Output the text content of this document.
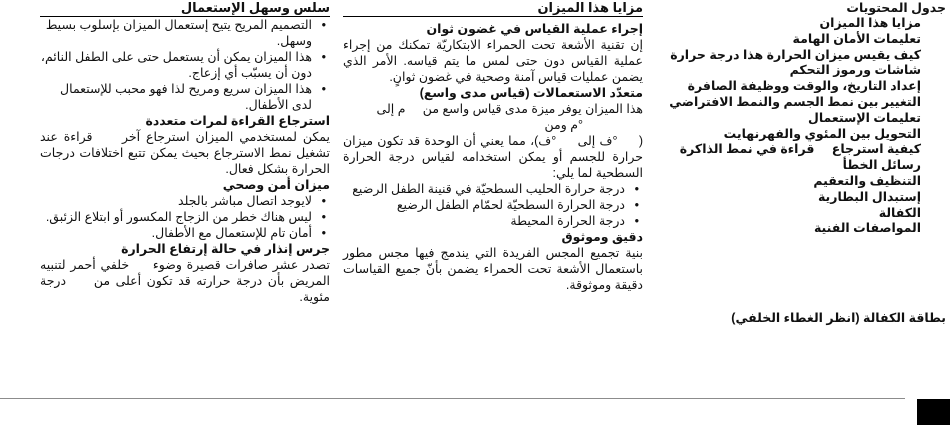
جدول المحتويات

مزايا هذا الميزان
تعليمات الأمان الهامة
كيف يقيس ميزان الحرارة هذا درجة حرارة
شاشات ورموز التحكم
إعداد التاريخ، والوقت ووظيفة الصافرة
التغيير بين نمط الجسم والنمط الافتراضي
تعليمات الإستعمال
التحويل بين المئوي والفهرنهايت
كيفية استرجاع     قراءة في نمط الذاكرة
رسائل الخطأ
التنظيف والتعقيم
إستبدال البطارية
الكفالة
المواصفات الفنية

بطاقة الكفالة (انظر الغطاء الخلفي)

مزايا هذا الميزان

إجراء عملية القياس في غضون ثوان

إن تقنية الأشعة تحت الحمراء الابتكاريّة تمكنك من إجراء عملية القياس دون حتى لمس ما يتم قياسه. الأمر الذي يضمن عمليات قياس آمنة وصحية في غضون ثوانٍ.

متعدّد الاستعمالات (قياس مدى واسع)

هذا الميزان يوفر ميزة مدى قياس واسع من     م إلى

°م ومن

(     °ف إلى     °ف)، مما يعني أن الوحدة قد تكون ميزان حرارة للجسم أو يمكن استخدامه لقياس درجة الحرارة السطحية لما يلي:

• درجة حرارة الحليب السطحيّة في قنينة الطفل الرضيع
• درجة الحرارة السطحيّة لحمّام الطفل الرضيع
• درجة الحرارة المحيطة

دقيق وموثوق

بنية تجميع المجس الفريدة التي يندمج فيها مجس مطور باستعمال الأشعة تحت الحمراء يضمن بأنّ جميع القياسات دقيقة وموثوقة.

سلس وسهل الإستعمال

• التصميم المريح يتيح إستعمال الميزان بإسلوب بسيط وسهل.
• هذا الميزان يمكن أن يستعمل حتى على الطفل النائم، دون أن يسبّب أي إزعاج.
• هذا الميزان سريع ومريح لذا فهو محبب للإستعمال لدى الأطفال.

استرجاع القراءة لمرات متعددة

يمكن لمستخدمي الميزان استرجاع آخر     قراءة عند تشغيل نمط الاسترجاع بحيث يمكن تتبع اختلافات درجات الحرارة بشكل فعال.

ميزان أمن وصحي

• لايوجد اتصال مباشر بالجلد
• ليس هناك خطر من الزجاج المكسور أو ابتلاع الزئبق.
• أمان تام للإستعمال مع الأطفال.

جرس إنذار في حالة إرتفاع الحرارة

تصدر عشر صافرات قصيرة وضوء     خلفي أحمر لتنبيه المريض بأن درجة حرارته قد تكون أعلى من     درجة مئوية.
